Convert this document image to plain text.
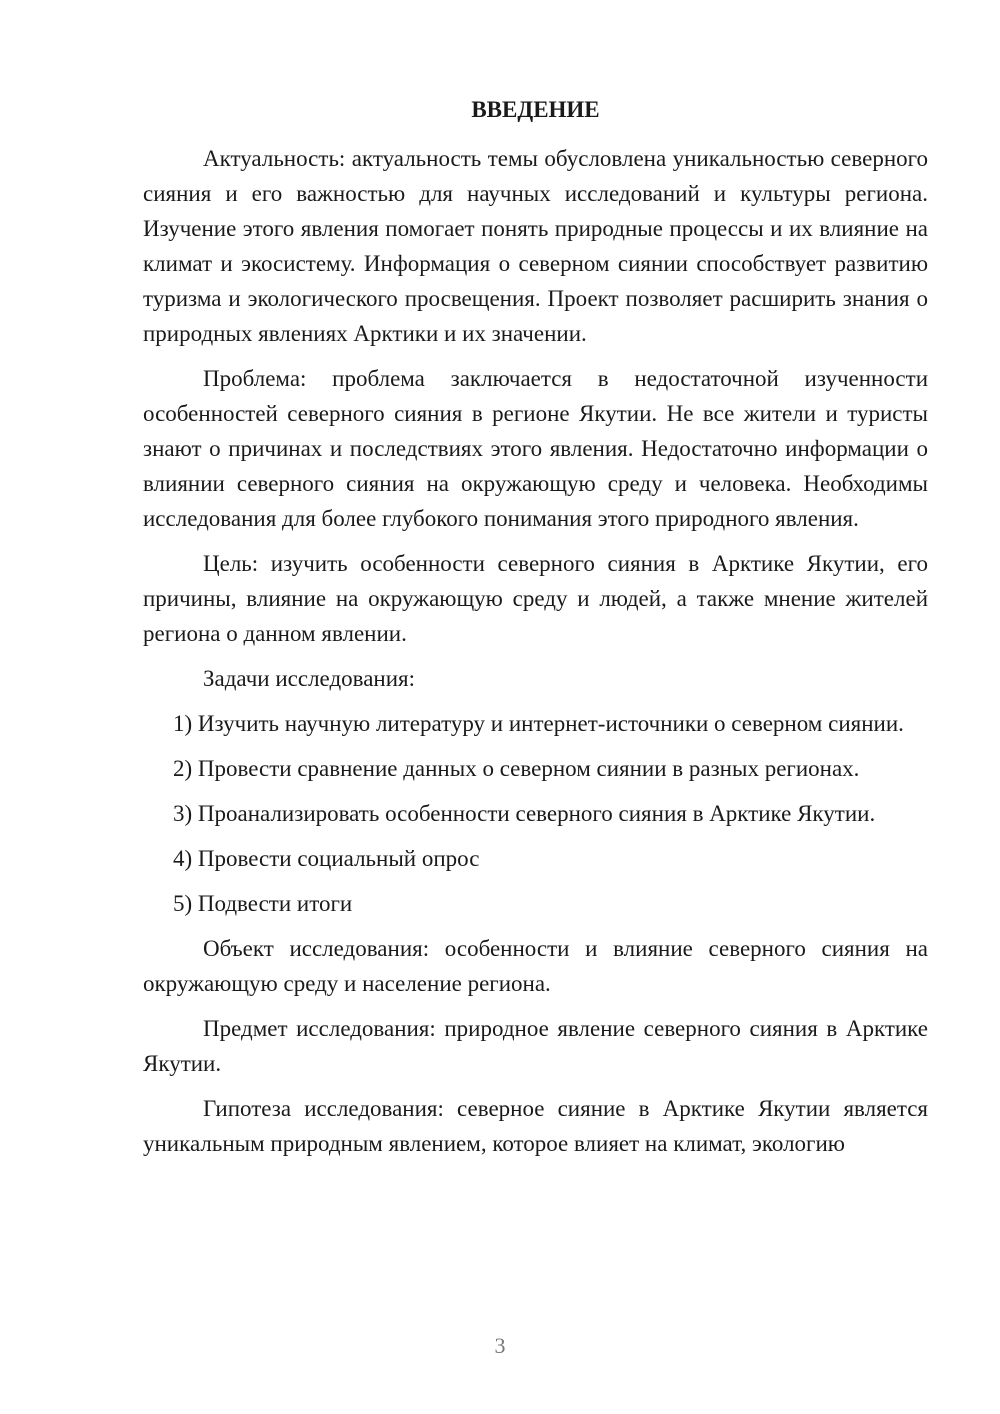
ВВЕДЕНИЕ

Актуальность: актуальность темы обусловлена уникальностью северного сияния и его важностью для научных исследований и культуры региона. Изучение этого явления помогает понять природные процессы и их влияние на климат и экосистему. Информация о северном сиянии способствует развитию туризма и экологического просвещения. Проект позволяет расширить знания о природных явлениях Арктики и их значении.

Проблема: проблема заключается в недостаточной изученности особенностей северного сияния в регионе Якутии. Не все жители и туристы знают о причинах и последствиях этого явления. Недостаточно информации о влиянии северного сияния на окружающую среду и человека. Необходимы исследования для более глубокого понимания этого природного явления.

Цель: изучить особенности северного сияния в Арктике Якутии, его причины, влияние на окружающую среду и людей, а также мнение жителей региона о данном явлении.

Задачи исследования:

1) Изучить научную литературу и интернет-источники о северном сиянии.

2) Провести сравнение данных о северном сиянии в разных регионах.

3) Проанализировать особенности северного сияния в Арктике Якутии.

4) Провести социальный опрос

5) Подвести итоги

Объект исследования: особенности и влияние северного сияния на окружающую среду и население региона.

Предмет исследования: природное явление северного сияния в Арктике Якутии.

Гипотеза исследования: северное сияние в Арктике Якутии является уникальным природным явлением, которое влияет на климат, экологию

3
